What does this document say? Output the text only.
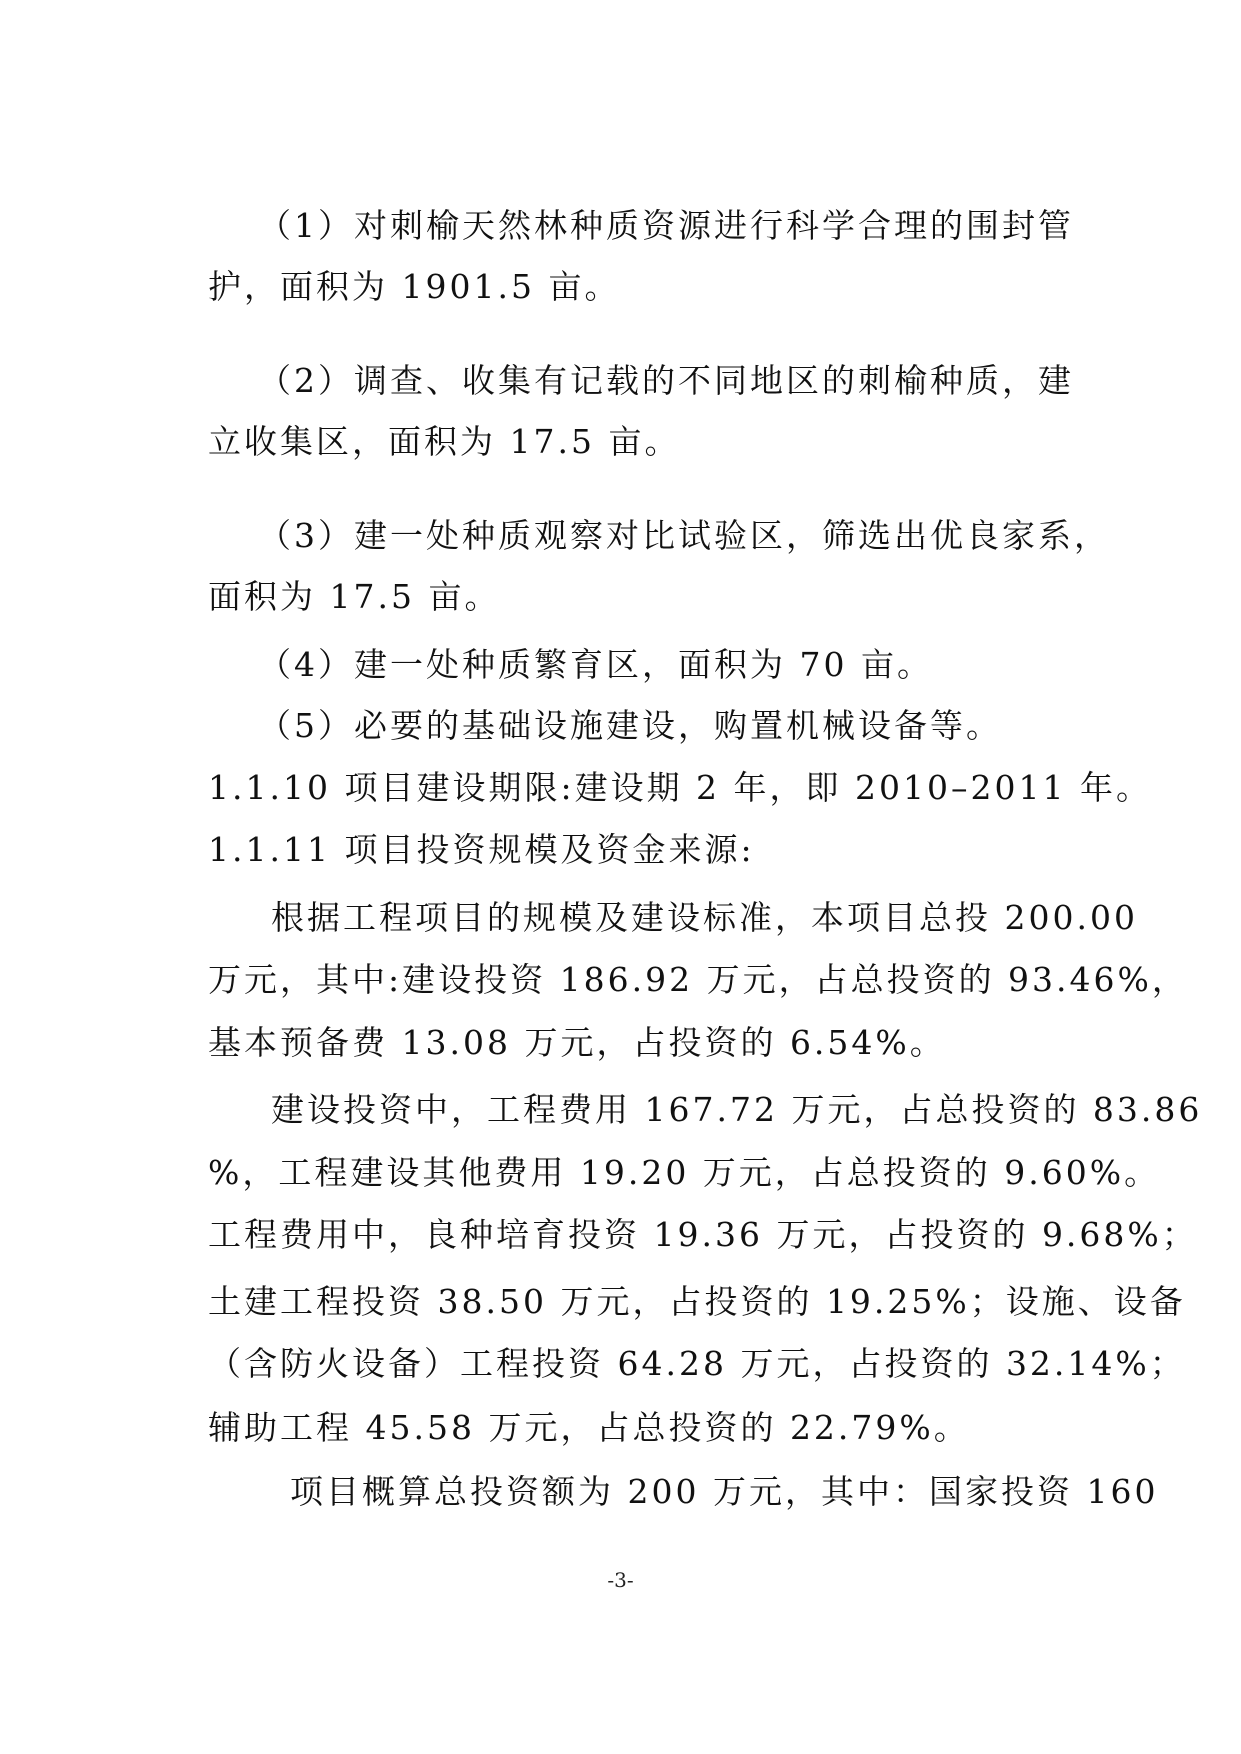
（1）对刺榆天然林种质资源进行科学合理的围封管
护，面积为 1901.5 亩。
（2）调查、收集有记载的不同地区的刺榆种质，建
立收集区，面积为 17.5 亩。
（3）建一处种质观察对比试验区，筛选出优良家系，
面积为 17.5 亩。
（4）建一处种质繁育区，面积为 70 亩。
（5）必要的基础设施建设，购置机械设备等。
1.1.10 项目建设期限:建设期 2 年，即 2010–2011 年。
1.1.11 项目投资规模及资金来源:
根据工程项目的规模及建设标准，本项目总投 200.00
万元，其中:建设投资 186.92 万元，占总投资的 93.46%，
基本预备费 13.08 万元，占投资的 6.54%。
建设投资中，工程费用 167.72 万元，占总投资的 83.86
%，工程建设其他费用 19.20 万元，占总投资的 9.60%。
工程费用中，良种培育投资 19.36 万元，占投资的 9.68%；
土建工程投资 38.50 万元，占投资的 19.25%；设施、设备
（含防火设备）工程投资 64.28 万元，占投资的 32.14%；
辅助工程 45.58 万元，占总投资的 22.79%。
项目概算总投资额为 200 万元，其中：国家投资 160
-3-
